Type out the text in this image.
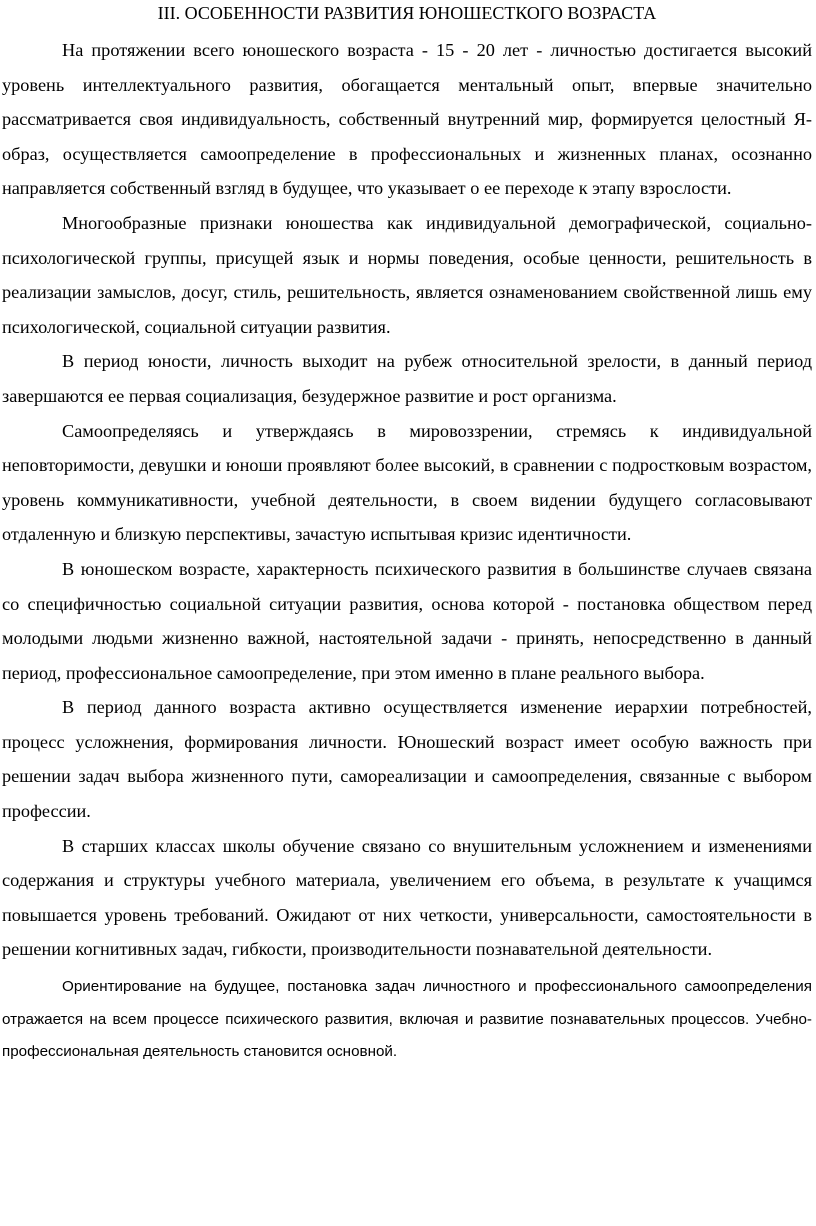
III. ОСОБЕННОСТИ РАЗВИТИЯ ЮНОШЕСТКОГО ВОЗРАСТА

На протяжении всего юношеского возраста - 15 - 20 лет - личностью достигается высокий уровень интеллектуального развития, обогащается ментальный опыт, впервые значительно рассматривается своя индивидуальность, собственный внутренний мир, формируется целостный Я-образ, осуществляется самоопределение в профессиональных и жизненных планах, осознанно направляется собственный взгляд в будущее, что указывает о ее переходе к этапу взрослости.

Многообразные признаки юношества как индивидуальной демографической, социально-психологической группы, присущей язык и нормы поведения, особые ценности, решительность в реализации замыслов, досуг, стиль, решительность, является ознаменованием свойственной лишь ему психологической, социальной ситуации развития.

В период юности, личность выходит на рубеж относительной зрелости, в данный период завершаются ее первая социализация, безудержное развитие и рост организма.

Самоопределяясь и утверждаясь в мировоззрении, стремясь к индивидуальной неповторимости, девушки и юноши проявляют более высокий, в сравнении с подростковым возрастом, уровень коммуникативности, учебной деятельности, в своем видении будущего согласовывают отдаленную и близкую перспективы, зачастую испытывая кризис идентичности.

В юношеском возрасте, характерность психического развития в большинстве случаев связана со специфичностью социальной ситуации развития, основа которой - постановка обществом перед молодыми людьми жизненно важной, настоятельной задачи - принять, непосредственно в данный период, профессиональное самоопределение, при этом именно в плане реального выбора.

В период данного возраста активно осуществляется изменение иерархии потребностей, процесс усложнения, формирования личности. Юношеский возраст имеет особую важность при решении задач выбора жизненного пути, самореализации и самоопределения, связанные с выбором профессии.

В старших классах школы обучение связано со внушительным усложнением и изменениями содержания и структуры учебного материала, увеличением его объема, в результате к учащимся повышается уровень требований. Ожидают от них четкости, универсальности, самостоятельности в решении когнитивных задач, гибкости, производительности познавательной деятельности.

Ориентирование на будущее, постановка задач личностного и профессионального самоопределения отражается на всем процессе психического развития, включая и развитие познавательных процессов. Учебно-профессиональная деятельность становится основной.
